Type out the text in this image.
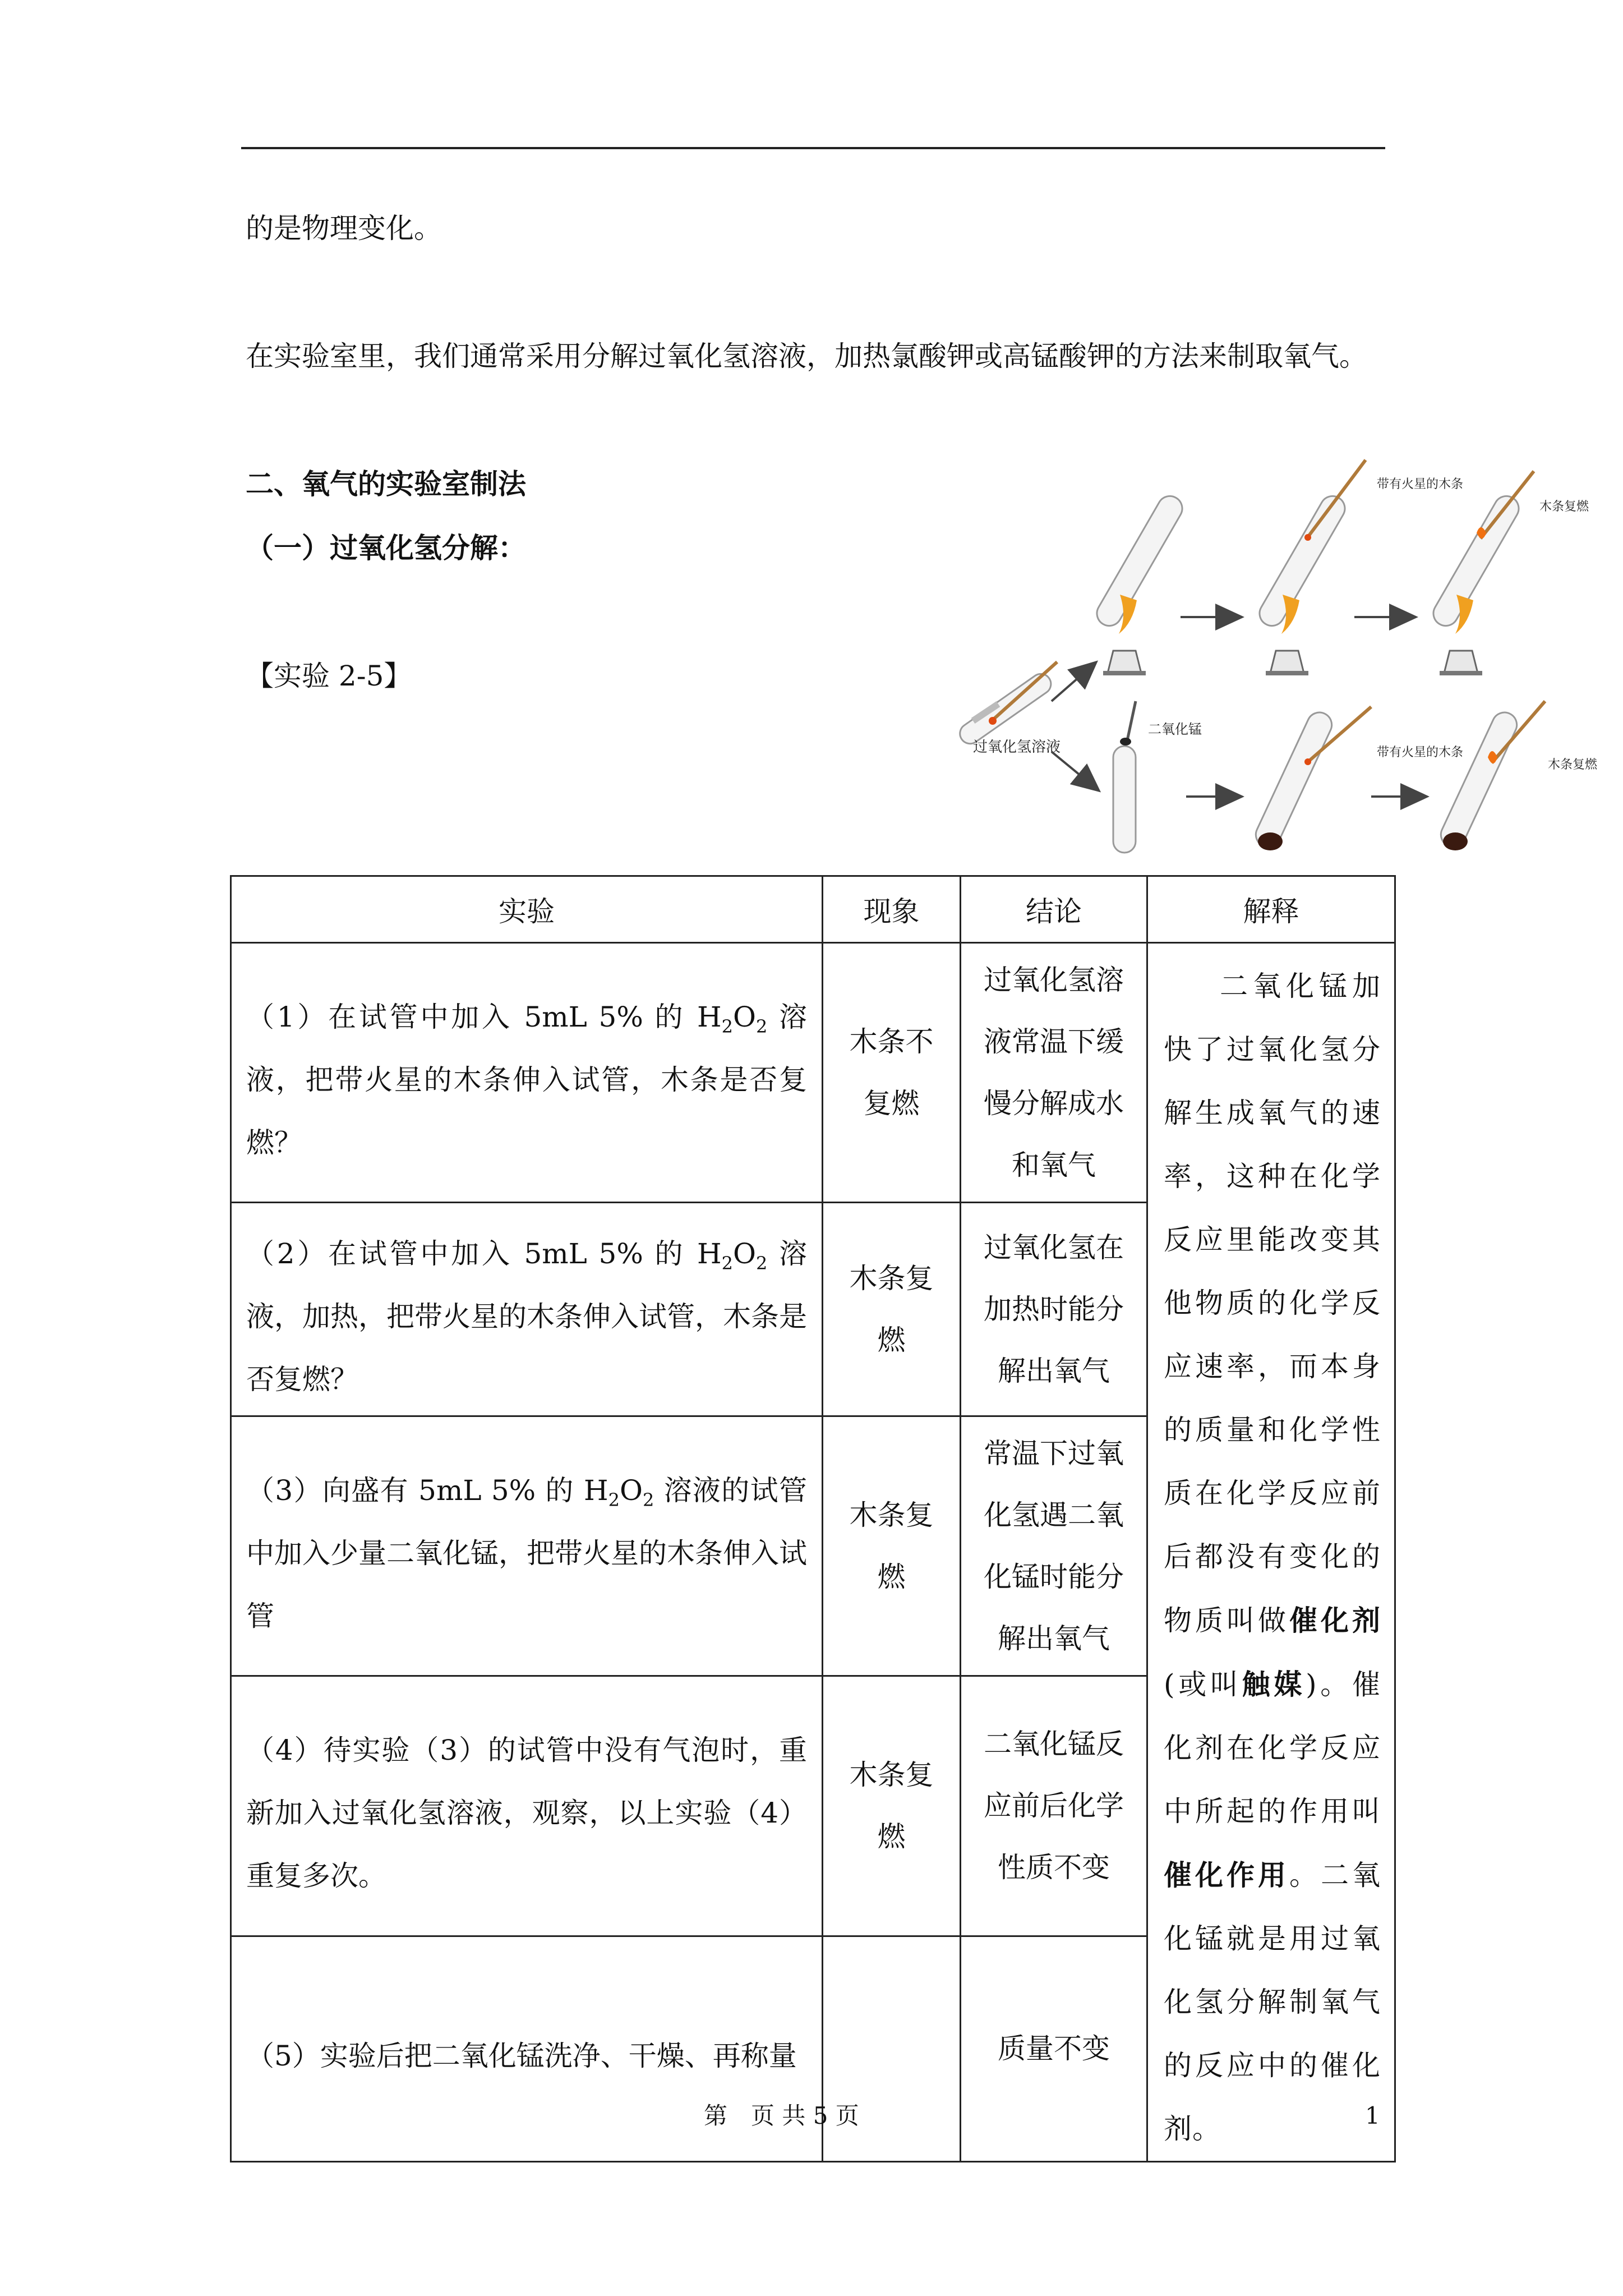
的是物理变化。
在实验室里，我们通常采用分解过氧化氢溶液，加热氯酸钾或高锰酸钾的方法来制取氧气。
二、氧气的实验室制法
（一）过氧化氢分解：
【实验 2-5】
过氧化氢溶液
带有火星的木条
木条复燃
二氧化锰
带有火星的木条
木条复燃
实验	现象	结论	解释
（1）在试管中加入 5mL 5% 的 $H_2O_2$ 溶液，把带火星的木条伸入试管，木条是否复燃？	木条不复燃	过氧化氢溶液常温下缓慢分解成水和氧气	二氧化锰加快了过氧化氢分解生成氧气的速率，这种在化学反应里能改变其他物质的化学反应速率，而本身的质量和化学性质在化学反应前后都没有变化的物质叫做催化剂(或叫触媒)。催化剂在化学反应中所起的作用叫催化作用。二氧化锰就是用过氧化氢分解制氧气的反应中的催化剂。
（2）在试管中加入 5mL 5% 的 $H_2O_2$ 溶液，加热，把带火星的木条伸入试管，木条是否复燃？	木条复燃	过氧化氢在加热时能分解出氧气	
（3）向盛有 5mL 5% 的 $H_2O_2$ 溶液的试管中加入少量二氧化锰，把带火星的木条伸入试管	木条复燃	常温下过氧化氢遇二氧化锰时能分解出氧气	
（4）待实验（3）的试管中没有气泡时，重新加入过氧化氢溶液，观察，以上实验（4）重复多次。	木条复燃	二氧化锰反应前后化学性质不变	
（5）实验后把二氧化锰洗净、干燥、再称量		质量不变	
第　页 共 5 页	1
